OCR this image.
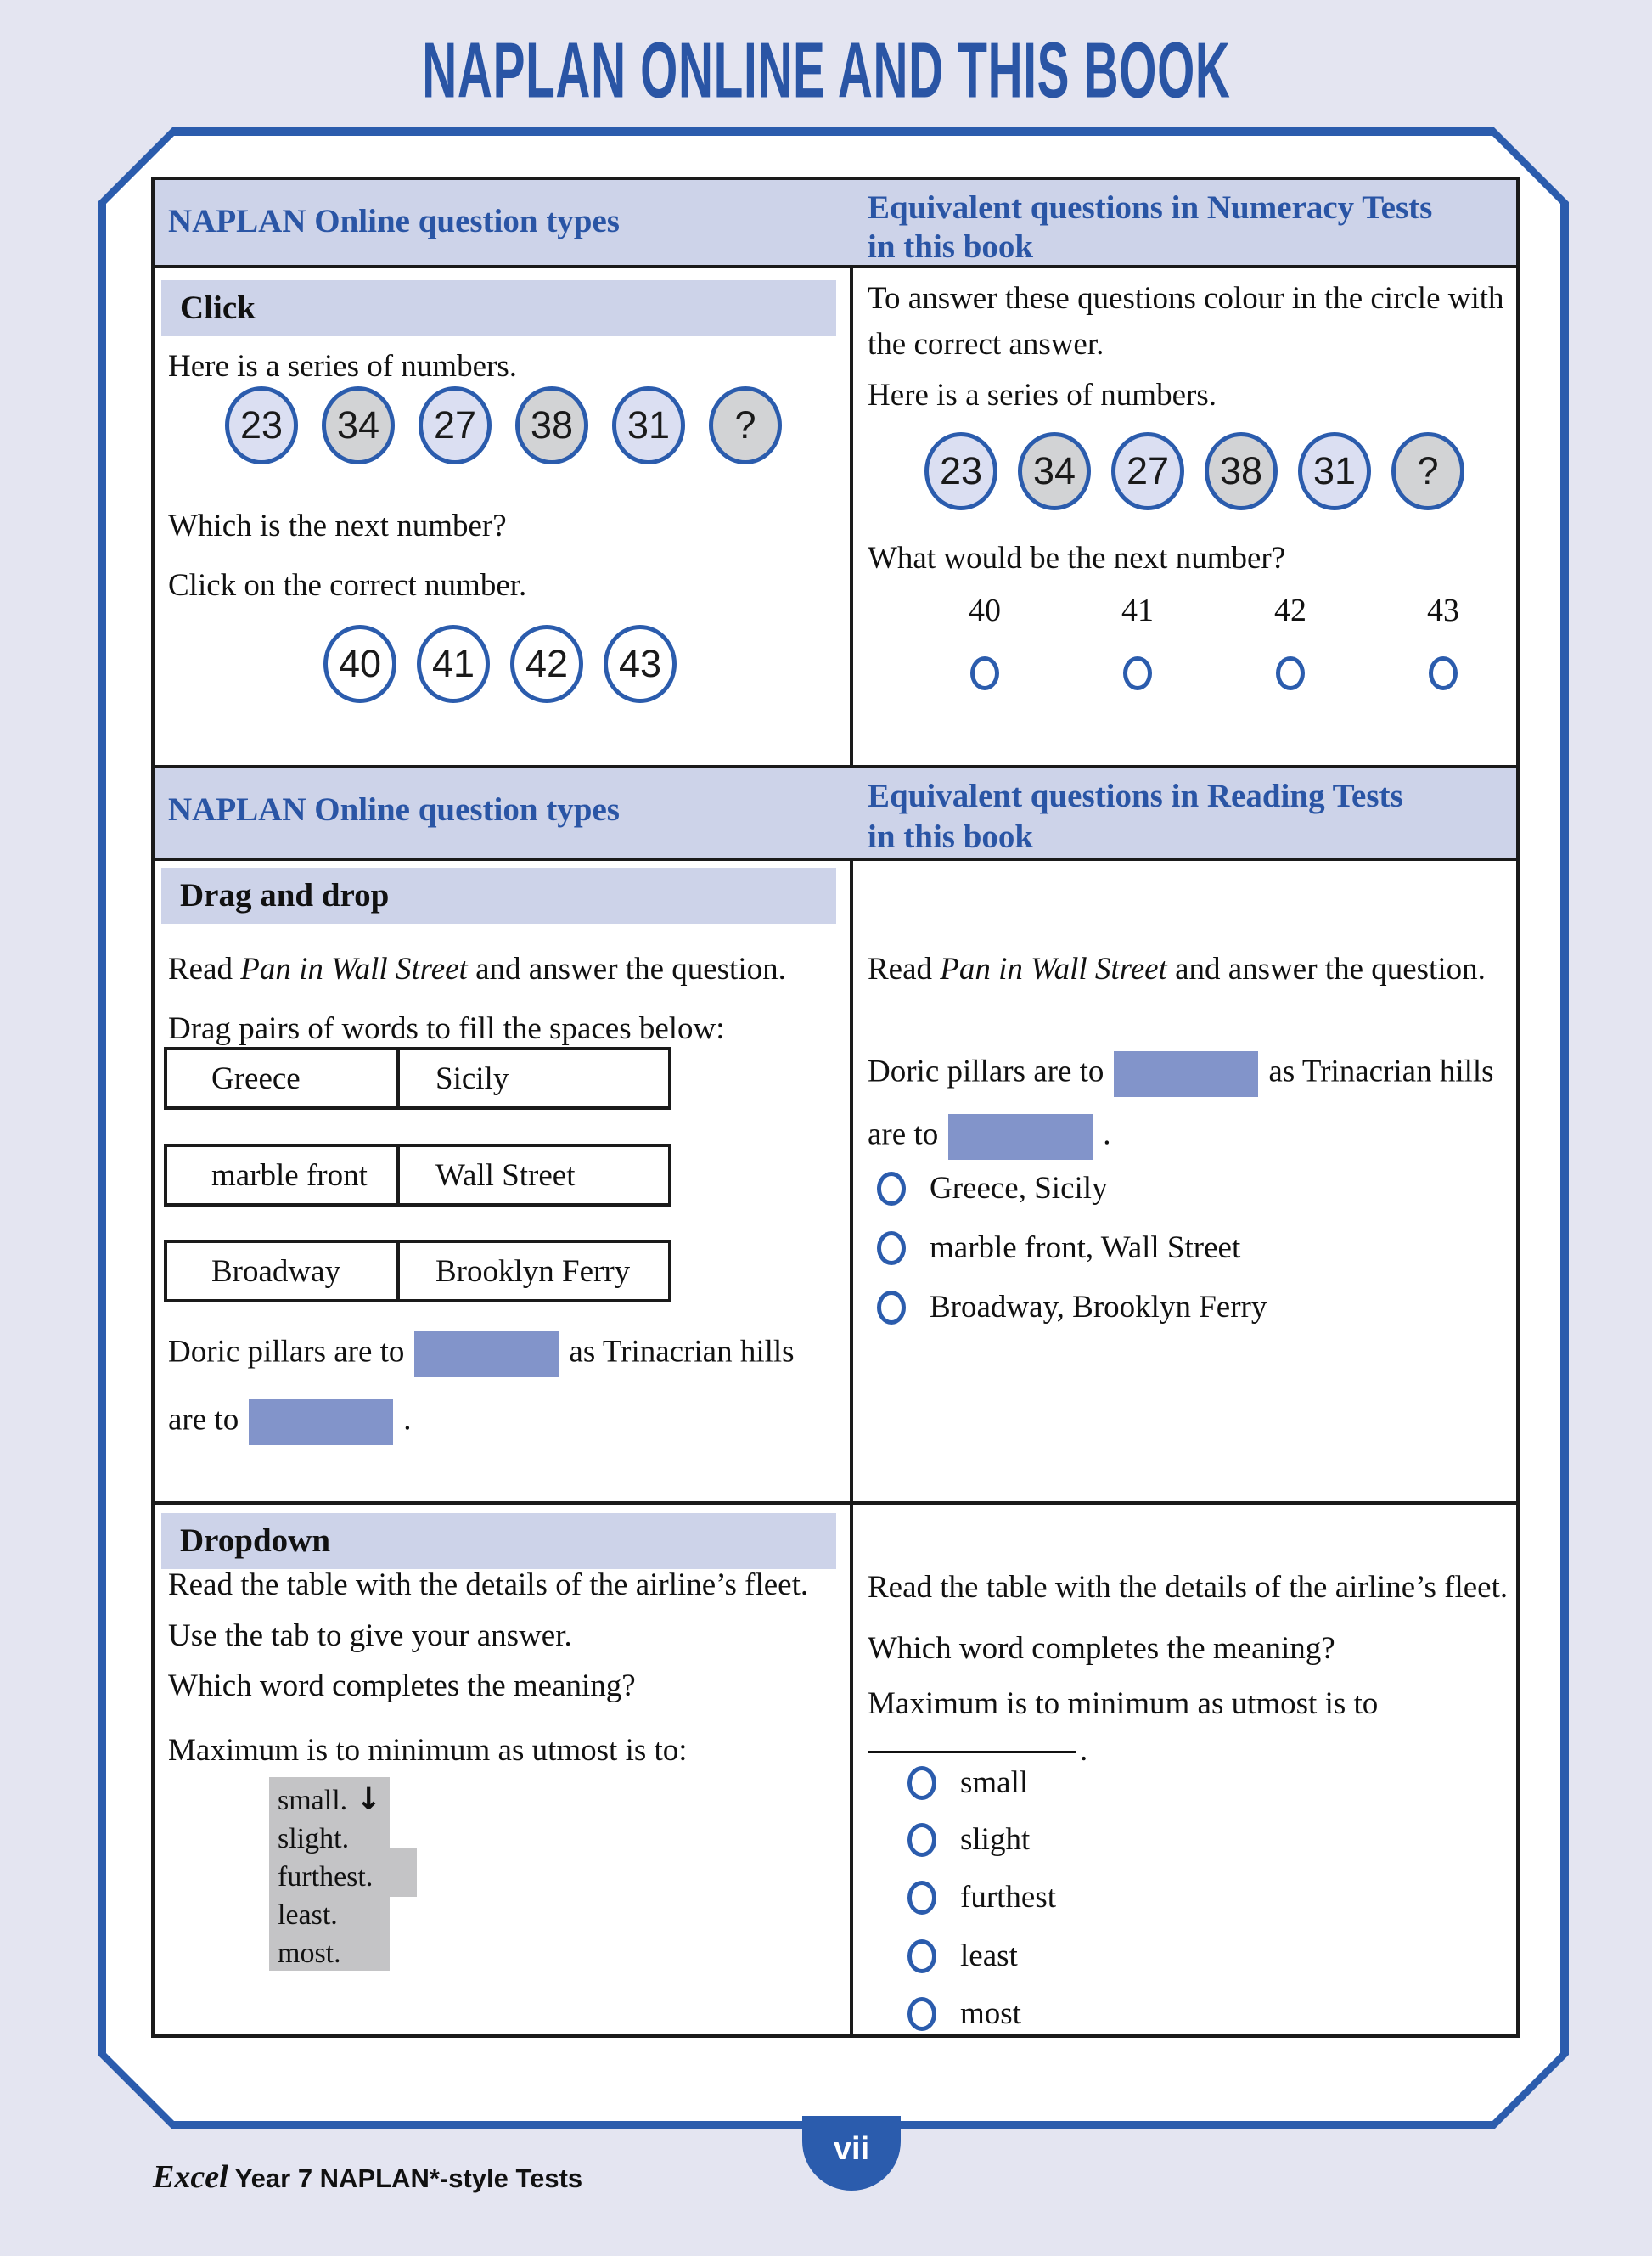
NAPLAN ONLINE AND THIS BOOK
NAPLAN Online question types	Equivalent questions in Numeracy Tests
in this book
Click
Here is a series of numbers.
23 34 27 38 31 ?
Which is the next number?
Click on the correct number.
40 41 42 43
To answer these questions colour in the circle with
the correct answer.
Here is a series of numbers.
23 34 27 38 31 ?
What would be the next number?
40	41	42	43
NAPLAN Online question types	Equivalent questions in Reading Tests
in this book
Drag and drop
Read Pan in Wall Street and answer the question.
Drag pairs of words to fill the spaces below:
Greece	Sicily
marble front	Wall Street
Broadway	Brooklyn Ferry
Doric pillars are to	as Trinacrian hills
are to	.
Read Pan in Wall Street and answer the question.
Doric pillars are to	as Trinacrian hills
are to	.
Greece, Sicily
marble front, Wall Street
Broadway, Brooklyn Ferry
Dropdown
Read the table with the details of the airline’s fleet.
Use the tab to give your answer.
Which word completes the meaning?
Maximum is to minimum as utmost is to:
small. ↓
slight.
furthest.
least.
most.
Read the table with the details of the airline’s fleet.
Which word completes the meaning?
Maximum is to minimum as utmost is to
.
small
slight
furthest
least
most
vii
Excel Year 7 NAPLAN*-style Tests
